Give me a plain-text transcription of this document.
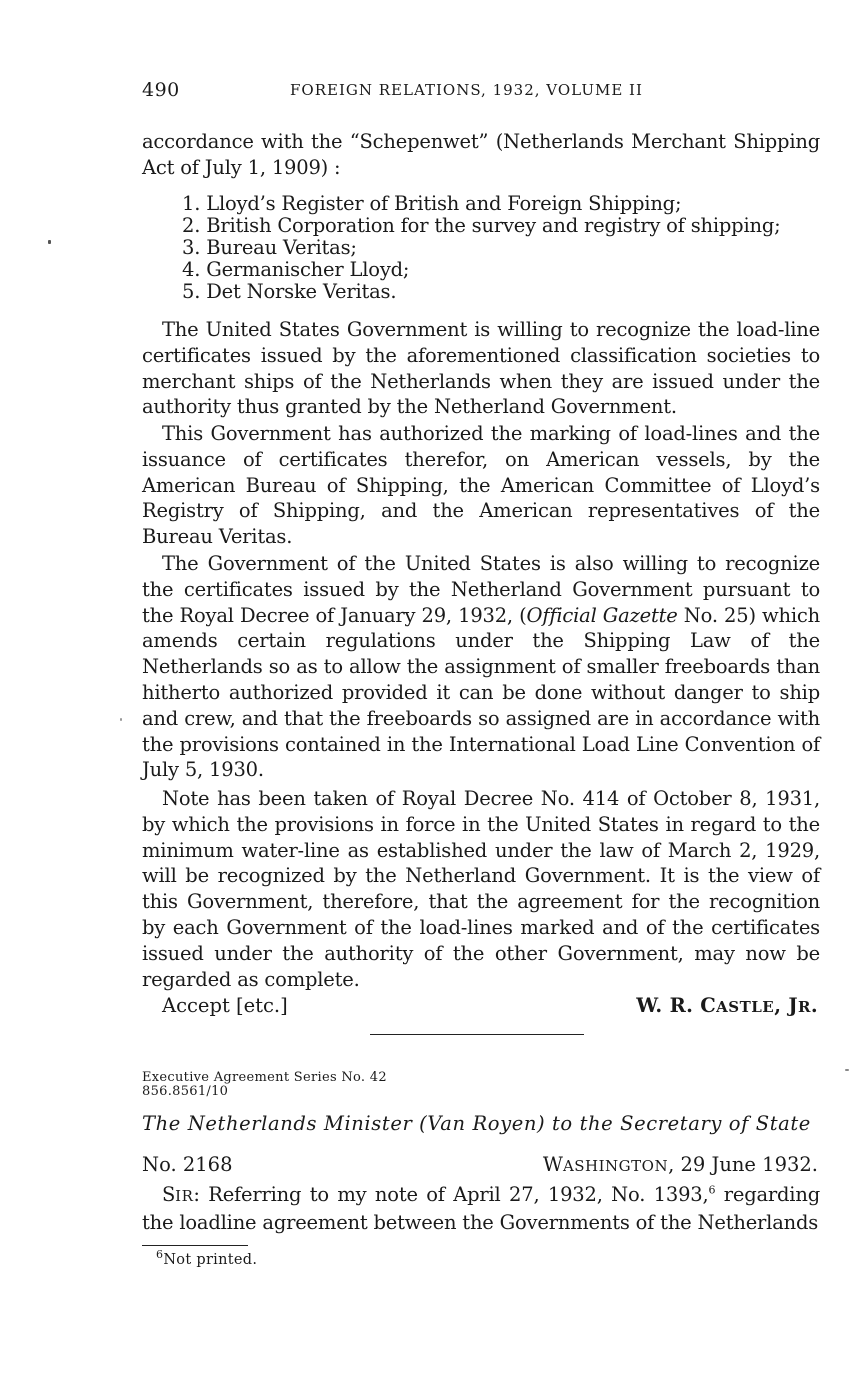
490	FOREIGN RELATIONS, 1932, VOLUME II

accordance with the “Schepenwet” (Netherlands Merchant Shipping Act of July 1, 1909) :

1. Lloyd’s Register of British and Foreign Shipping;
2. British Corporation for the survey and registry of shipping;
3. Bureau Veritas;
4. Germanischer Lloyd;
5. Det Norske Veritas.

The United States Government is willing to recognize the load-line certificates issued by the aforementioned classification societies to merchant ships of the Netherlands when they are issued under the authority thus granted by the Netherland Government.

This Government has authorized the marking of load-lines and the issuance of certificates therefor, on American vessels, by the American Bureau of Shipping, the American Committee of Lloyd’s Registry of Shipping, and the American representatives of the Bureau Veritas.

The Government of the United States is also willing to recognize the certificates issued by the Netherland Government pursuant to the Royal Decree of January 29, 1932, (Official Gazette No. 25) which amends certain regulations under the Shipping Law of the Netherlands so as to allow the assignment of smaller freeboards than hitherto authorized provided it can be done without danger to ship and crew, and that the freeboards so assigned are in accordance with the provisions contained in the International Load Line Convention of July 5, 1930.

Note has been taken of Royal Decree No. 414 of October 8, 1931, by which the provisions in force in the United States in regard to the minimum water-line as established under the law of March 2, 1929, will be recognized by the Netherland Government. It is the view of this Government, therefore, that the agreement for the recognition by each Government of the load-lines marked and of the certificates issued under the authority of the other Government, may now be regarded as complete.

Accept [etc.]	W. R. CASTLE, JR.
Executive Agreement Series No. 42
856.8561/10
The Netherlands Minister (Van Royen) to the Secretary of State
No. 2168	WASHINGTON, 29 June 1932.

SIR: Referring to my note of April 27, 1932, No. 1393,$^6$ regarding the loadline agreement between the Governments of the Netherlands

$^6$Not printed.
